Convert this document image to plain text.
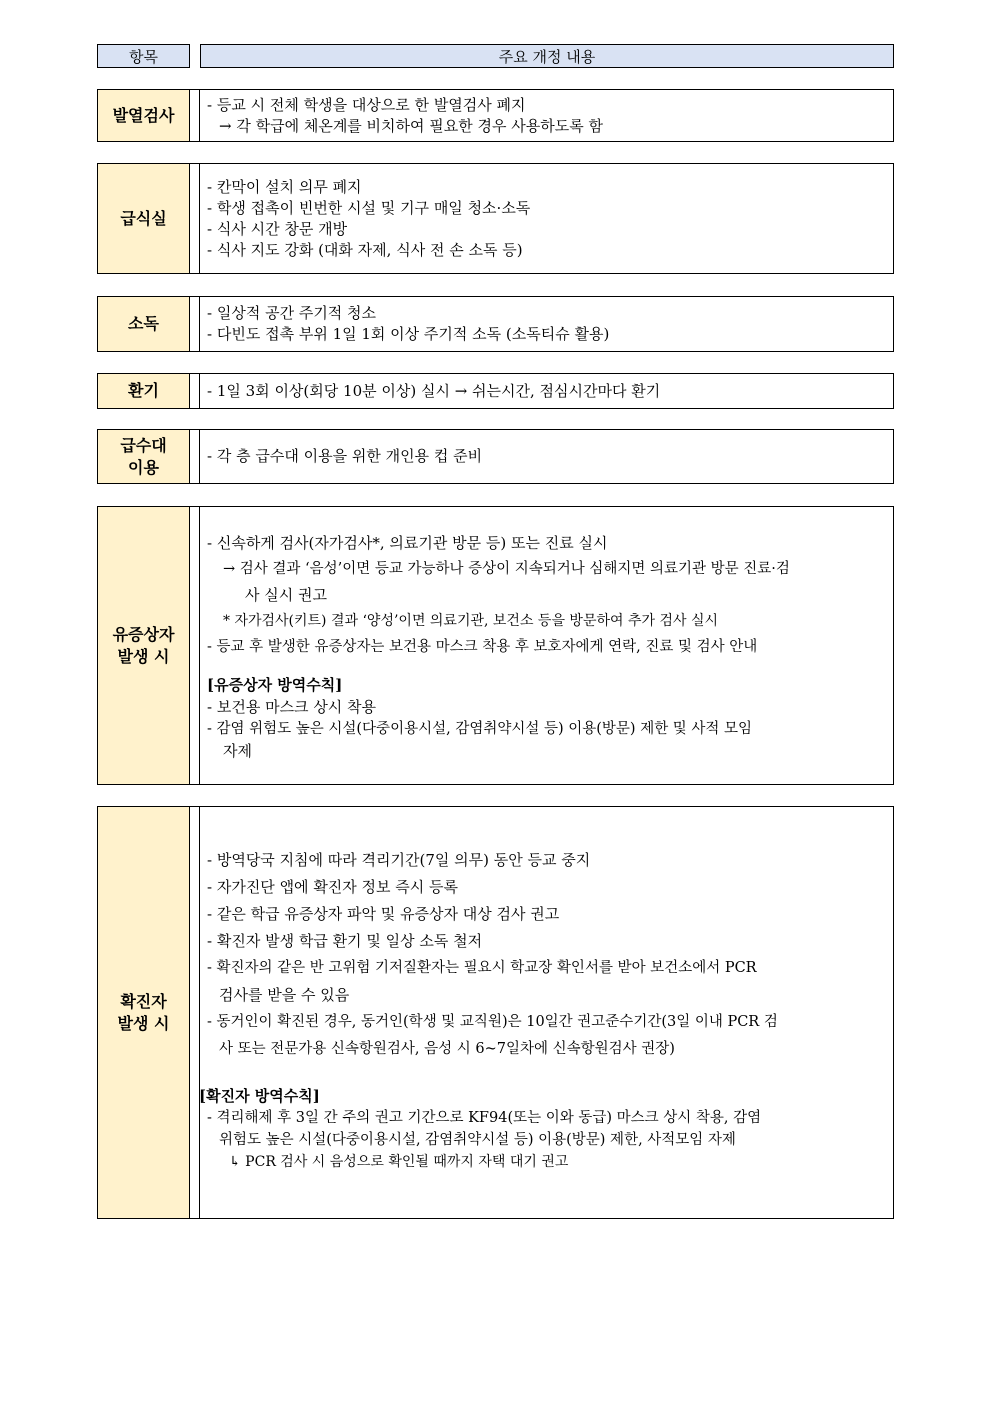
항목	주요 개정 내용
발열검사
- 등교 시 전체 학생을 대상으로 한 발열검사 폐지
→ 각 학급에 체온계를 비치하여 필요한 경우 사용하도록 함
급식실
- 칸막이 설치 의무 폐지
- 학생 접촉이 빈번한 시설 및 기구 매일 청소·소독
- 식사 시간 창문 개방
- 식사 지도 강화 (대화 자제, 식사 전 손 소독 등)
소독
- 일상적 공간 주기적 청소
- 다빈도 접촉 부위 1일 1회 이상 주기적 소독 (소독티슈 활용)
환기	- 1일 3회 이상(회당 10분 이상) 실시 → 쉬는시간, 점심시간마다 환기
급수대
이용
- 각 층 급수대 이용을 위한 개인용 컵 준비
유증상자
발생 시
- 신속하게 검사(자가검사*, 의료기관 방문 등) 또는 진료 실시
→ 검사 결과 ‘음성’이면 등교 가능하나 증상이 지속되거나 심해지면 의료기관 방문 진료·검
사 실시 권고
* 자가검사(키트) 결과 ‘양성’이면 의료기관, 보건소 등을 방문하여 추가 검사 실시
- 등교 후 발생한 유증상자는 보건용 마스크 착용 후 보호자에게 연락, 진료 및 검사 안내
[유증상자 방역수칙]
- 보건용 마스크 상시 착용
- 감염 위험도 높은 시설(다중이용시설, 감염취약시설 등) 이용(방문) 제한 및 사적 모임
자제
확진자
발생 시
- 방역당국 지침에 따라 격리기간(7일 의무) 동안 등교 중지
- 자가진단 앱에 확진자 정보 즉시 등록
- 같은 학급 유증상자 파악 및 유증상자 대상 검사 권고
- 확진자 발생 학급 환기 및 일상 소독 철저
- 확진자의 같은 반 고위험 기저질환자는 필요시 학교장 확인서를 받아 보건소에서 PCR
검사를 받을 수 있음
- 동거인이 확진된 경우, 동거인(학생 및 교직원)은 10일간 권고준수기간(3일 이내 PCR 검
사 또는 전문가용 신속항원검사, 음성 시 6~7일차에 신속항원검사 권장)
[확진자 방역수칙]
- 격리해제 후 3일 간 주의 권고 기간으로 KF94(또는 이와 동급) 마스크 상시 착용, 감염
위험도 높은 시설(다중이용시설, 감염취약시설 등) 이용(방문) 제한, 사적모임 자제
↳ PCR 검사 시 음성으로 확인될 때까지 자택 대기 권고
